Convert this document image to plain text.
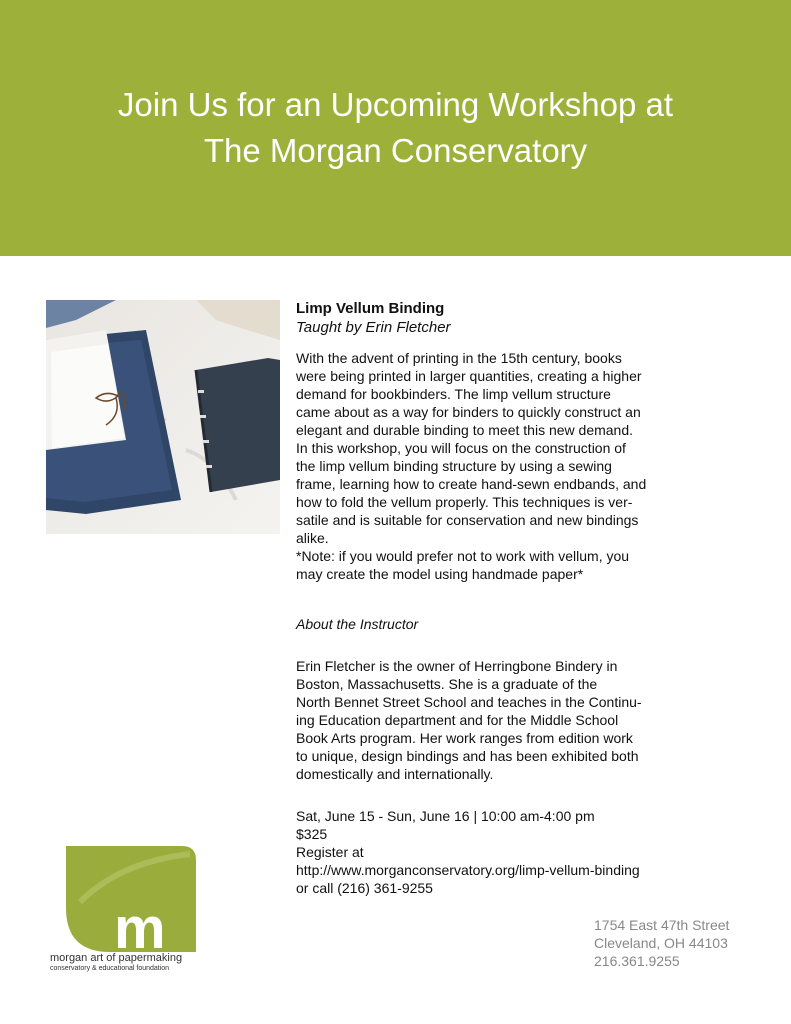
Join Us for an Upcoming Workshop at
The Morgan Conservatory

Limp Vellum Binding

Taught by Erin Fletcher

With the advent of printing in the 15th century, books
were being printed in larger quantities, creating a higher
demand for bookbinders. The limp vellum structure
came about as a way for binders to quickly construct an
elegant and durable binding to meet this new demand.
In this workshop, you will focus on the construction of
the limp vellum binding structure by using a sewing
frame, learning how to create hand-sewn endbands, and
how to fold the vellum properly. This techniques is ver-
satile and is suitable for conservation and new bindings
alike.
*Note: if you would prefer not to work with vellum, you
may create the model using handmade paper*

About the Instructor

Erin Fletcher is the owner of Herringbone Bindery in
Boston, Massachusetts. She is a graduate of the
North Bennet Street School and teaches in the Continu-
ing Education department and for the Middle School
Book Arts program. Her work ranges from edition work
to unique, design bindings and has been exhibited both
domestically and internationally.

Sat, June 15 - Sun, June 16 | 10:00 am-4:00 pm

$325

Register at

http://www.morganconservatory.org/limp-vellum-binding

or call (216) 361-9255

m
morgan art of papermaking
conservatory & educational foundation

1754 East 47th Street

Cleveland, OH 44103

216.361.9255
